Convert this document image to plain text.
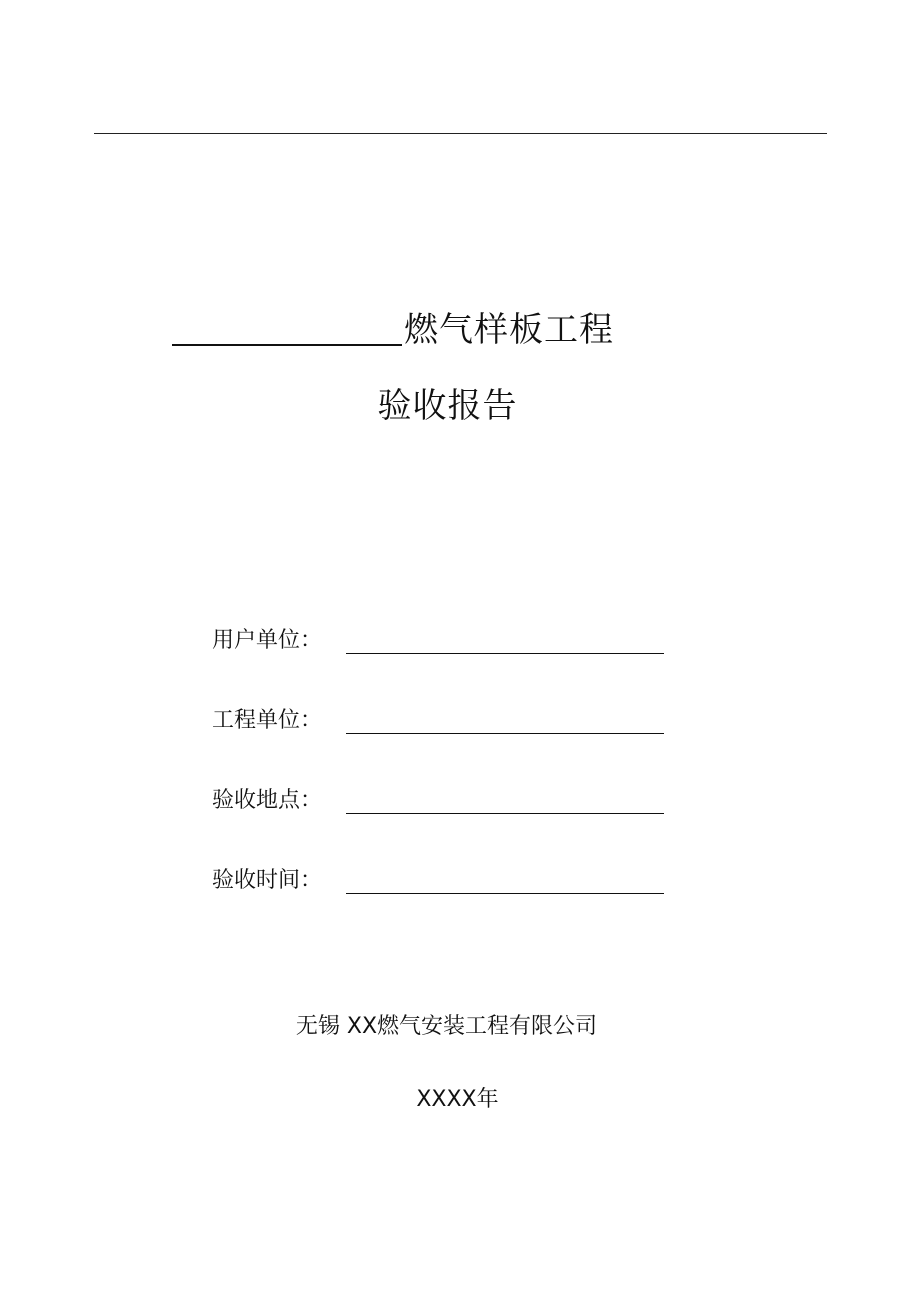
燃气样板工程
验收报告
用户单位：
工程单位：
验收地点：
验收时间：
无锡 XX燃气安装工程有限公司
XXXX年
